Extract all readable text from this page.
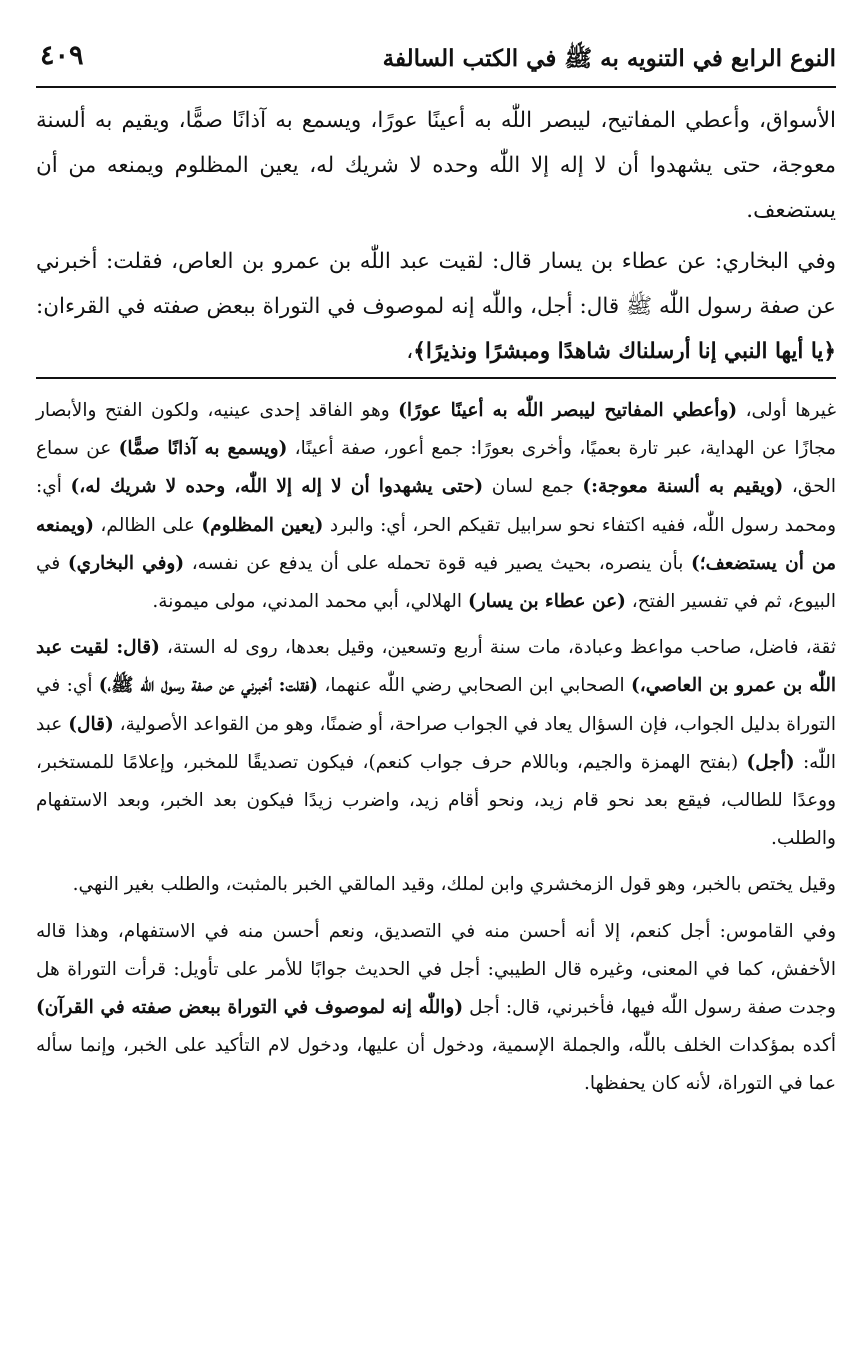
النوع الرابع في التنويه به ﷺ في الكتب السالفة
٤٠٩

الأسواق، وأعطي المفاتيح، ليبصر اللّٰه به أعينًا عورًا، ويسمع به آذانًا صمًّا، ويقيم به ألسنة معوجة، حتى يشهدوا أن لا إله إلا اللّٰه وحده لا شريك له، يعين المظلوم ويمنعه من أن يستضعف.

وفي البخاري: عن عطاء بن يسار قال: لقيت عبد اللّٰه بن عمرو بن العاص، فقلت: أخبرني عن صفة رسول اللّٰه ﷺ قال: أجل، واللّٰه إنه لموصوف في التوراة ببعض صفته في القرءان: ﴿يا أيها النبي إنا أرسلناك شاهدًا ومبشرًا ونذيرًا﴾،

غيرها أولى، (وأعطي المفاتيح ليبصر اللّٰه به أعينًا عورًا) وهو الفاقد إحدى عينيه، ولكون الفتح والأبصار مجازًا عن الهداية، عبر تارة بعميًا، وأخرى بعورًا: جمع أعور، صفة أعينًا، (ويسمع به آذانًا صمًّا) عن سماع الحق، (ويقيم به ألسنة معوجة:) جمع لسان (حتى يشهدوا أن لا إله إلا اللّٰه، وحده لا شريك له،) أي: ومحمد رسول اللّٰه، ففيه اكتفاء نحو سرابيل تقيكم الحر، أي: والبرد (يعين المظلوم) على الظالم، (ويمنعه من أن يستضعف؛) بأن ينصره، بحيث يصير فيه قوة تحمله على أن يدفع عن نفسه، (وفي البخاري) في البيوع، ثم في تفسير الفتح، (عن عطاء بن يسار) الهلالي، أبي محمد المدني، مولى ميمونة.

ثقة، فاضل، صاحب مواعظ وعبادة، مات سنة أربع وتسعين، وقيل بعدها، روى له الستة، (قال: لقيت عبد اللّٰه بن عمرو بن العاصي،) الصحابي ابن الصحابي رضي اللّٰه عنهما، (فقلت: أخبرني عن صفة رسول اللّٰه ﷺ،) أي: في التوراة بدليل الجواب، فإن السؤال يعاد في الجواب صراحة، أو ضمنًا، وهو من القواعد الأصولية، (قال) عبد اللّٰه: (أجل) (بفتح الهمزة والجيم، وباللام حرف جواب كنعم)، فيكون تصديقًا للمخبر، وإعلامًا للمستخبر، ووعدًا للطالب، فيقع بعد نحو قام زيد، ونحو أقام زيد، واضرب زيدًا فيكون بعد الخبر، وبعد الاستفهام والطلب.

وقيل يختص بالخبر، وهو قول الزمخشري وابن لملك، وقيد المالقي الخبر بالمثبت، والطلب بغير النهي.

وفي القاموس: أجل كنعم، إلا أنه أحسن منه في التصديق، ونعم أحسن منه في الاستفهام، وهذا قاله الأخفش، كما في المعنى، وغيره قال الطيبي: أجل في الحديث جوابًا للأمر على تأويل: قرأت التوراة هل وجدت صفة رسول اللّٰه فيها، فأخبرني، قال: أجل (واللّٰه إنه لموصوف في التوراة ببعض صفته في القرآن) أكده بمؤكدات الخلف باللّٰه، والجملة الإسمية، ودخول أن عليها، ودخول لام التأكيد على الخبر، وإنما سأله عما في التوراة، لأنه كان يحفظها.
